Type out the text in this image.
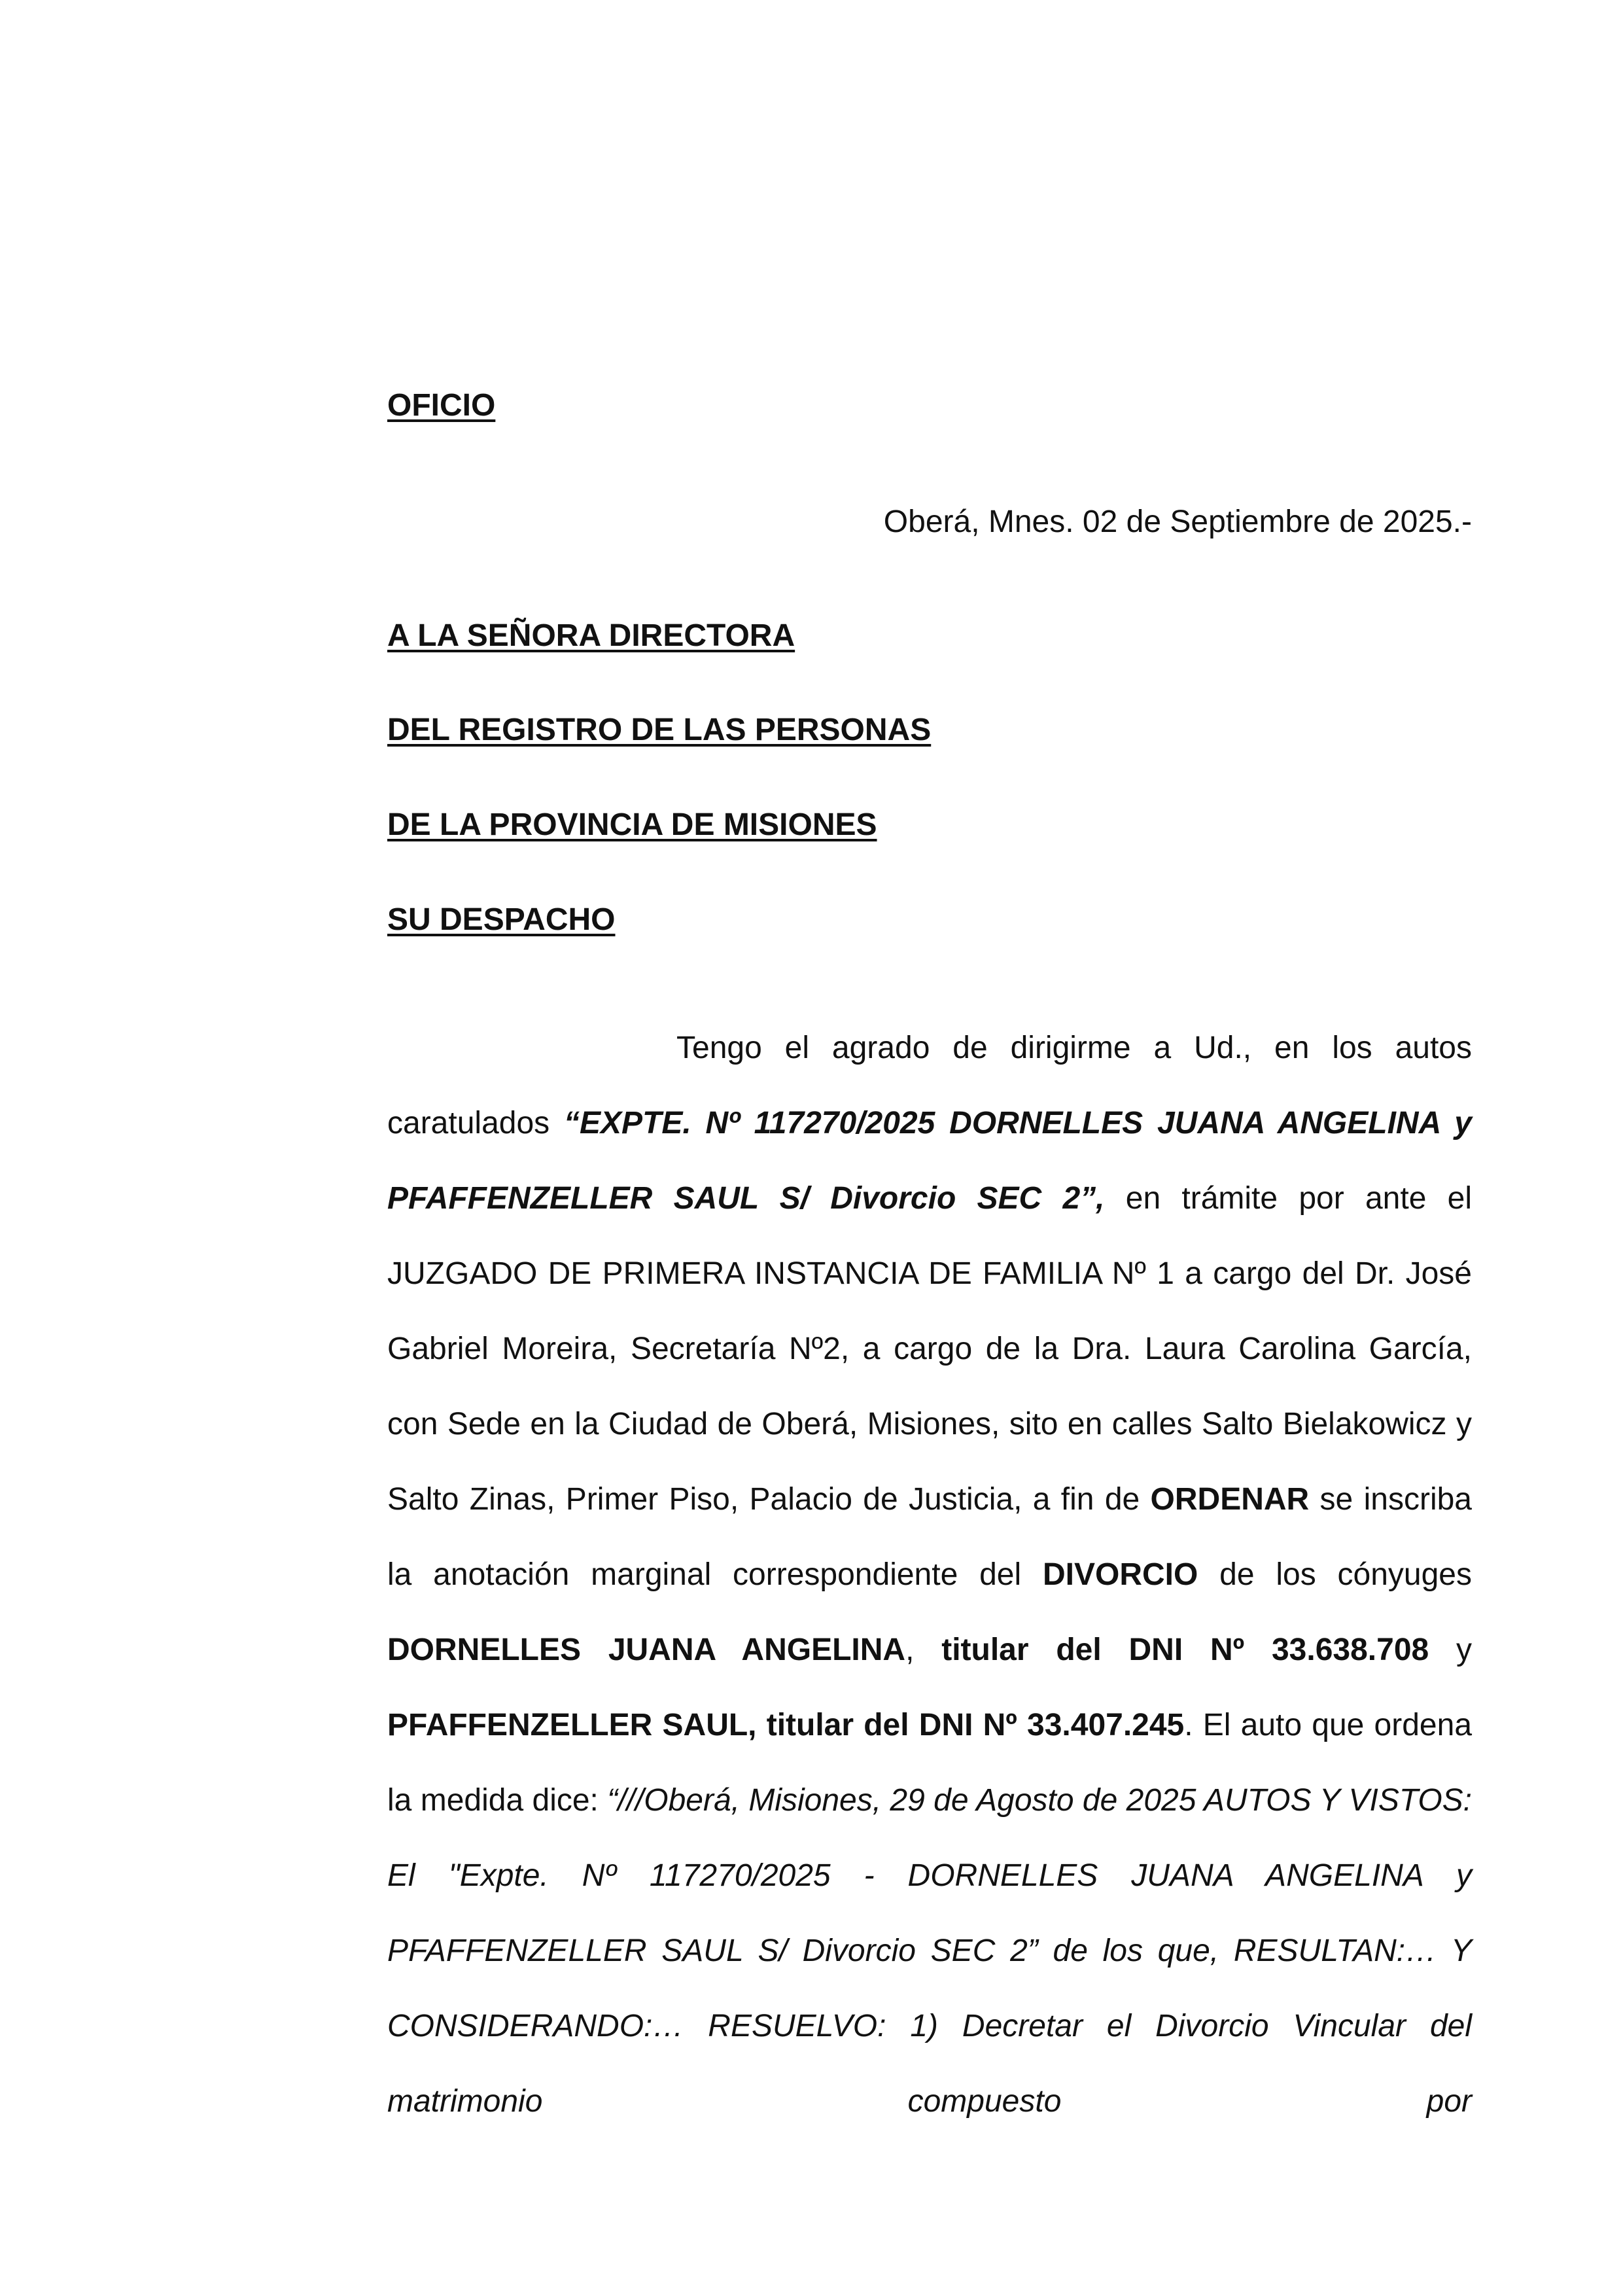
OFICIO

Oberá, Mnes. 02 de Septiembre de 2025.-

A LA SEÑORA DIRECTORA

DEL REGISTRO DE LAS PERSONAS

DE LA PROVINCIA DE MISIONES

SU DESPACHO

Tengo el agrado de dirigirme a Ud., en los autos caratulados “EXPTE. Nº 117270/2025 DORNELLES JUANA ANGELINA y PFAFFENZELLER SAUL S/ Divorcio SEC 2”, en trámite por ante el JUZGADO DE PRIMERA INSTANCIA DE FAMILIA Nº 1 a cargo del Dr. José Gabriel Moreira, Secretaría Nº2, a cargo de la Dra. Laura Carolina García, con Sede en la Ciudad de Oberá, Misiones, sito en calles Salto Bielakowicz y Salto Zinas, Primer Piso, Palacio de Justicia, a fin de ORDENAR se inscriba la anotación marginal correspondiente del DIVORCIO de los cónyuges DORNELLES JUANA ANGELINA, titular del DNI Nº 33.638.708 y PFAFFENZELLER SAUL, titular del DNI Nº 33.407.245. El auto que ordena la medida dice: “///Oberá, Misiones, 29 de Agosto de 2025 AUTOS Y VISTOS: El "Expte. Nº 117270/2025 - DORNELLES JUANA ANGELINA y PFAFFENZELLER SAUL S/ Divorcio SEC 2” de los que, RESULTAN:… Y CONSIDERANDO:… RESUELVO: 1) Decretar el Divorcio Vincular del matrimonio compuesto por
